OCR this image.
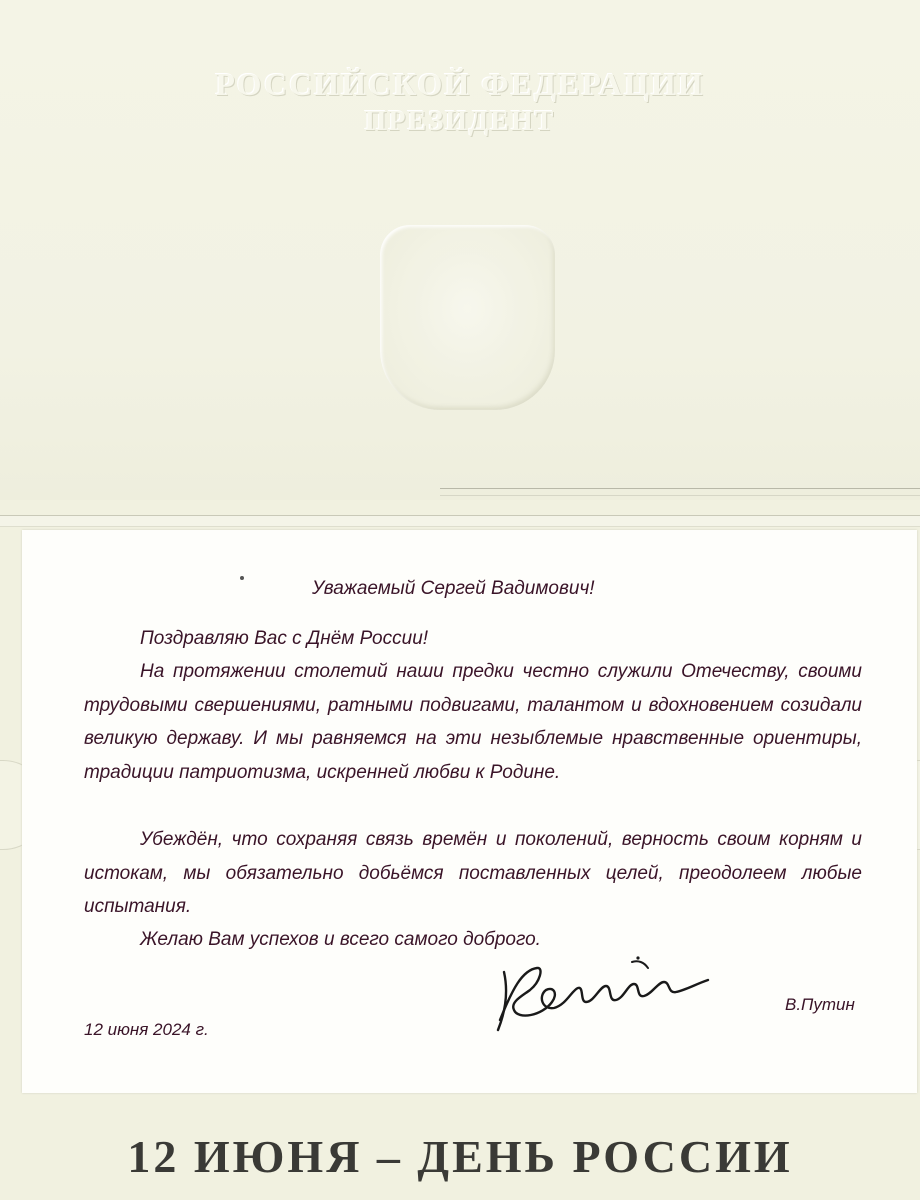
РОССИЙСКОЙ ФЕДЕРАЦИИ
ПРЕЗИДЕНТ
Уважаемый Сергей Вадимович!
Поздравляю Вас с Днём России!
На протяжении столетий наши предки честно служили Отечеству, своими трудовыми свершениями, ратными подвигами, талантом и вдохновением созидали великую державу. И мы равняемся на эти незыблемые нравственные ориентиры, традиции патриотизма, искренней любви к Родине.
Убеждён, что сохраняя связь времён и поколений, верность своим корням и истокам, мы обязательно добьёмся поставленных целей, преодолеем любые испытания.
Желаю Вам успехов и всего самого доброго.
В.Путин
12 июня 2024 г.
12 ИЮНЯ – ДЕНЬ РОССИИ
